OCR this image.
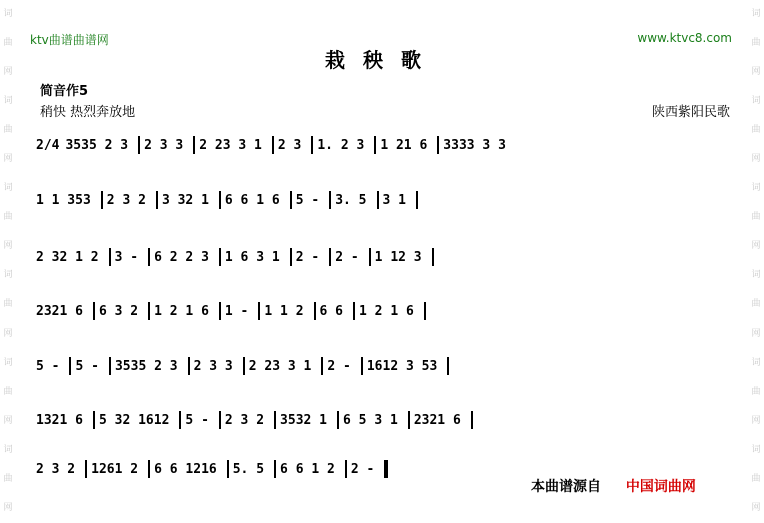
词
曲
网
词
曲
网
词
曲
网
词
曲
网
词
曲
网
词
曲
网
词
曲
网
词
曲
网
词
曲
网
词
曲
网
词
曲
网
词
曲
网
ktv曲谱曲谱网	www.ktvc8.com
栽秧歌
简音作5
稍快 热烈奔放地	陕西紫阳民歌
2/4 3535 2 3 2 3 3 2 23 3 1 2 3 1. 2 3 1 21 6 3333 3 3
1 1 353 2 3 2 3 32 1 6 6 1 6 5 - 3. 5 3 1
2 32 1 2 3 - 6 2 2 3 1 6 3 1 2 - 2 - 1 12 3
2321 6 6 3 2 1 2 1 6 1 - 1 1 2 6 6 1 2 1 6
5 - 5 - 3535 2 3 2 3 3 2 23 3 1 2 - 1612 3 53
1321 6 5 32 1612 5 - 2 3 2 3532 1 6 5 3 1 2321 6
2 3 2 1261 2 6 6 1216 5. 5 6 6 1 2 2 -
本曲谱源自 中国词曲网
